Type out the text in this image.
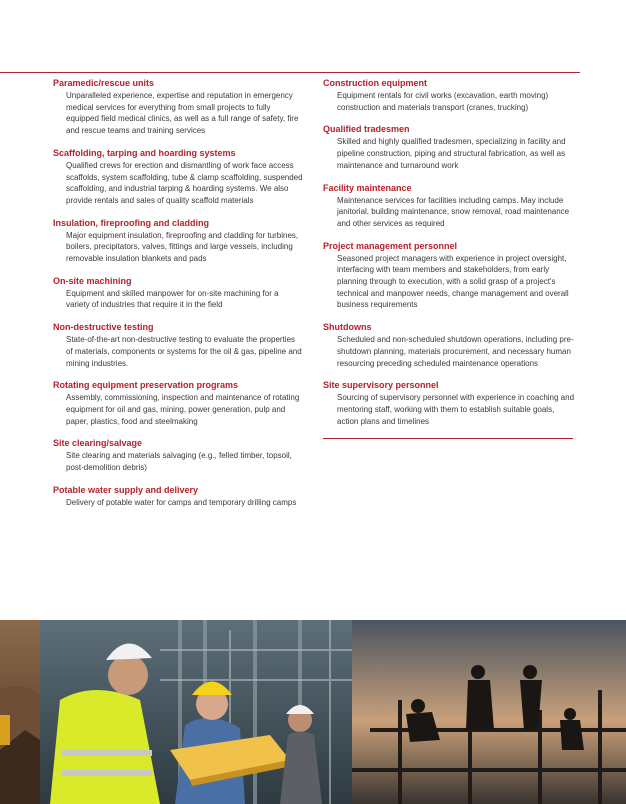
Paramedic/rescue units

Unparalleled experience, expertise and reputation in emergency medical services for everything from small projects to fully equipped field medical clinics, as well as a full range of safety, fire and rescue teams and training services

Scaffolding, tarping and hoarding systems

Qualified crews for erection and dismantling of work face access scaffolds, system scaffolding, tube & clamp scaffolding, suspended scaffolding, and industrial tarping & hoarding systems. We also provide rentals and sales of quality scaffold materials

Insulation, fireproofing and cladding

Major equipment insulation, fireproofing and cladding for turbines, boilers, precipitators, valves, fittings and large vessels, including removable insulation blankets and pads

On-site machining

Equipment and skilled manpower for on-site machining for a variety of industries that require it in the field

Non-destructive testing

State-of-the-art non-destructive testing to evaluate the properties of materials, components or systems for the oil & gas, pipeline and mining industries.

Rotating equipment preservation programs

Assembly, commissioning, inspection and maintenance of rotating equipment for oil and gas, mining, power generation, pulp and paper, plastics, food and steelmaking

Site clearing/salvage

Site clearing and materials salvaging (e.g., felled timber, topsoil, post-demolition debris)

Potable water supply and delivery

Delivery of potable water for camps and temporary drilling camps

Construction equipment

Equipment rentals for civil works (excavation, earth moving) construction and materials transport (cranes, trucking)

Qualified tradesmen

Skilled and highly qualified tradesmen, specializing in facility and pipeline construction, piping and structural fabrication, as well as maintenance and turnaround work

Facility maintenance

Maintenance services for facilities including camps. May include janitorial, building maintenance, snow removal, road maintenance and other services as required

Project management personnel

Seasoned project managers with experience in project oversight, interfacing with team members and stakeholders, from early planning through to execution, with a solid grasp of a project's technical and manpower needs, change management and overall business requirements

Shutdowns

Scheduled and non-scheduled shutdown operations, including pre-shutdown planning, materials procurement, and necessary human resourcing preceding scheduled maintenance operations

Site supervisory personnel

Sourcing of supervisory personnel with experience in coaching and mentoring staff, working with them to establish suitable goals, action plans and timelines
